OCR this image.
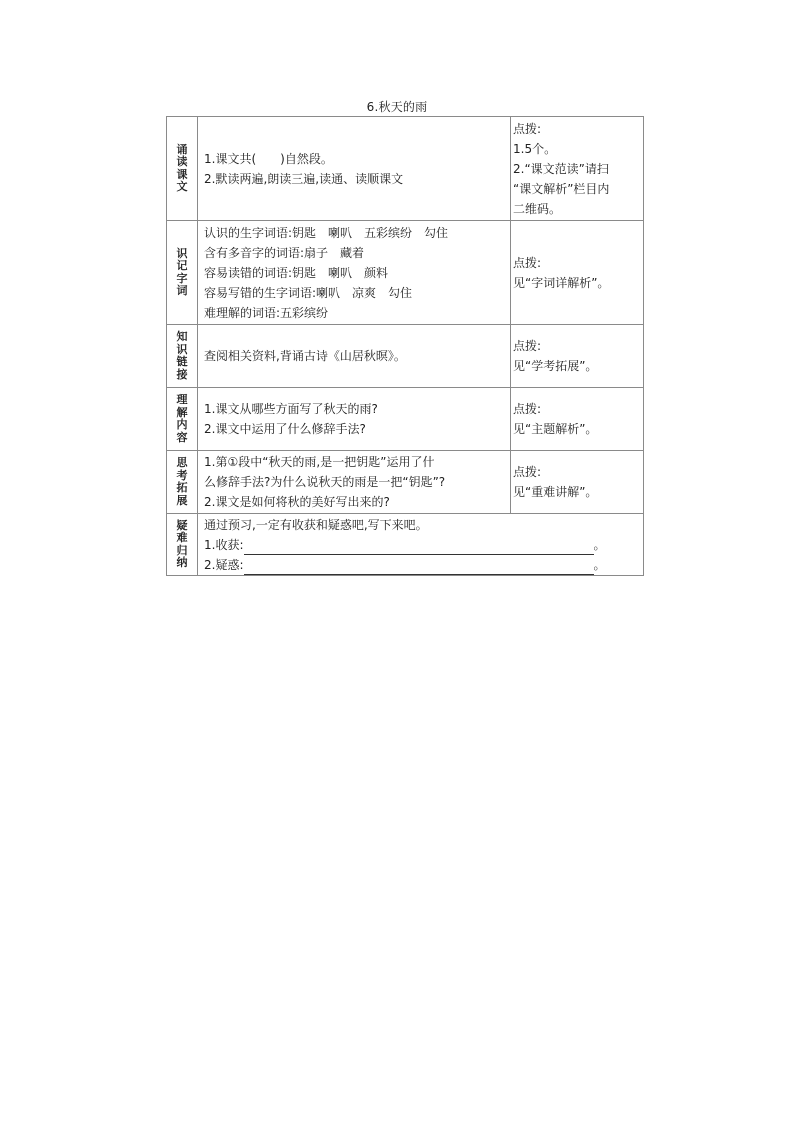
6.秋天的雨
诵读课文	1.课文共(　　)自然段。
2.默读两遍,朗读三遍,读通、读顺课文	点拨:
1.5个。
2.“课文范读”请扫
“课文解析”栏目内
二维码。

识记字词	认识的生字词语:钥匙　喇叭　五彩缤纷　勾住
含有多音字的词语:扇子　藏着
容易读错的词语:钥匙　喇叭　颜料
容易写错的生字词语:喇叭　凉爽　勾住
难理解的词语:五彩缤纷	点拨:
见“字词详解析”。

知识链接	查阅相关资料,背诵古诗《山居秋暝》。	点拨:
见“学考拓展”。

理解内容	1.课文从哪些方面写了秋天的雨?
2.课文中运用了什么修辞手法?	点拨:
见“主题解析”。

思考拓展	1.第①段中“秋天的雨,是一把钥匙”运用了什
么修辞手法?为什么说秋天的雨是一把“钥匙”?
2.课文是如何将秋的美好写出来的?	点拨:
见“重难讲解”。

疑难归纳	通过预习,一定有收获和疑惑吧,写下来吧。
1.收获: 。
2.疑惑: 。	
